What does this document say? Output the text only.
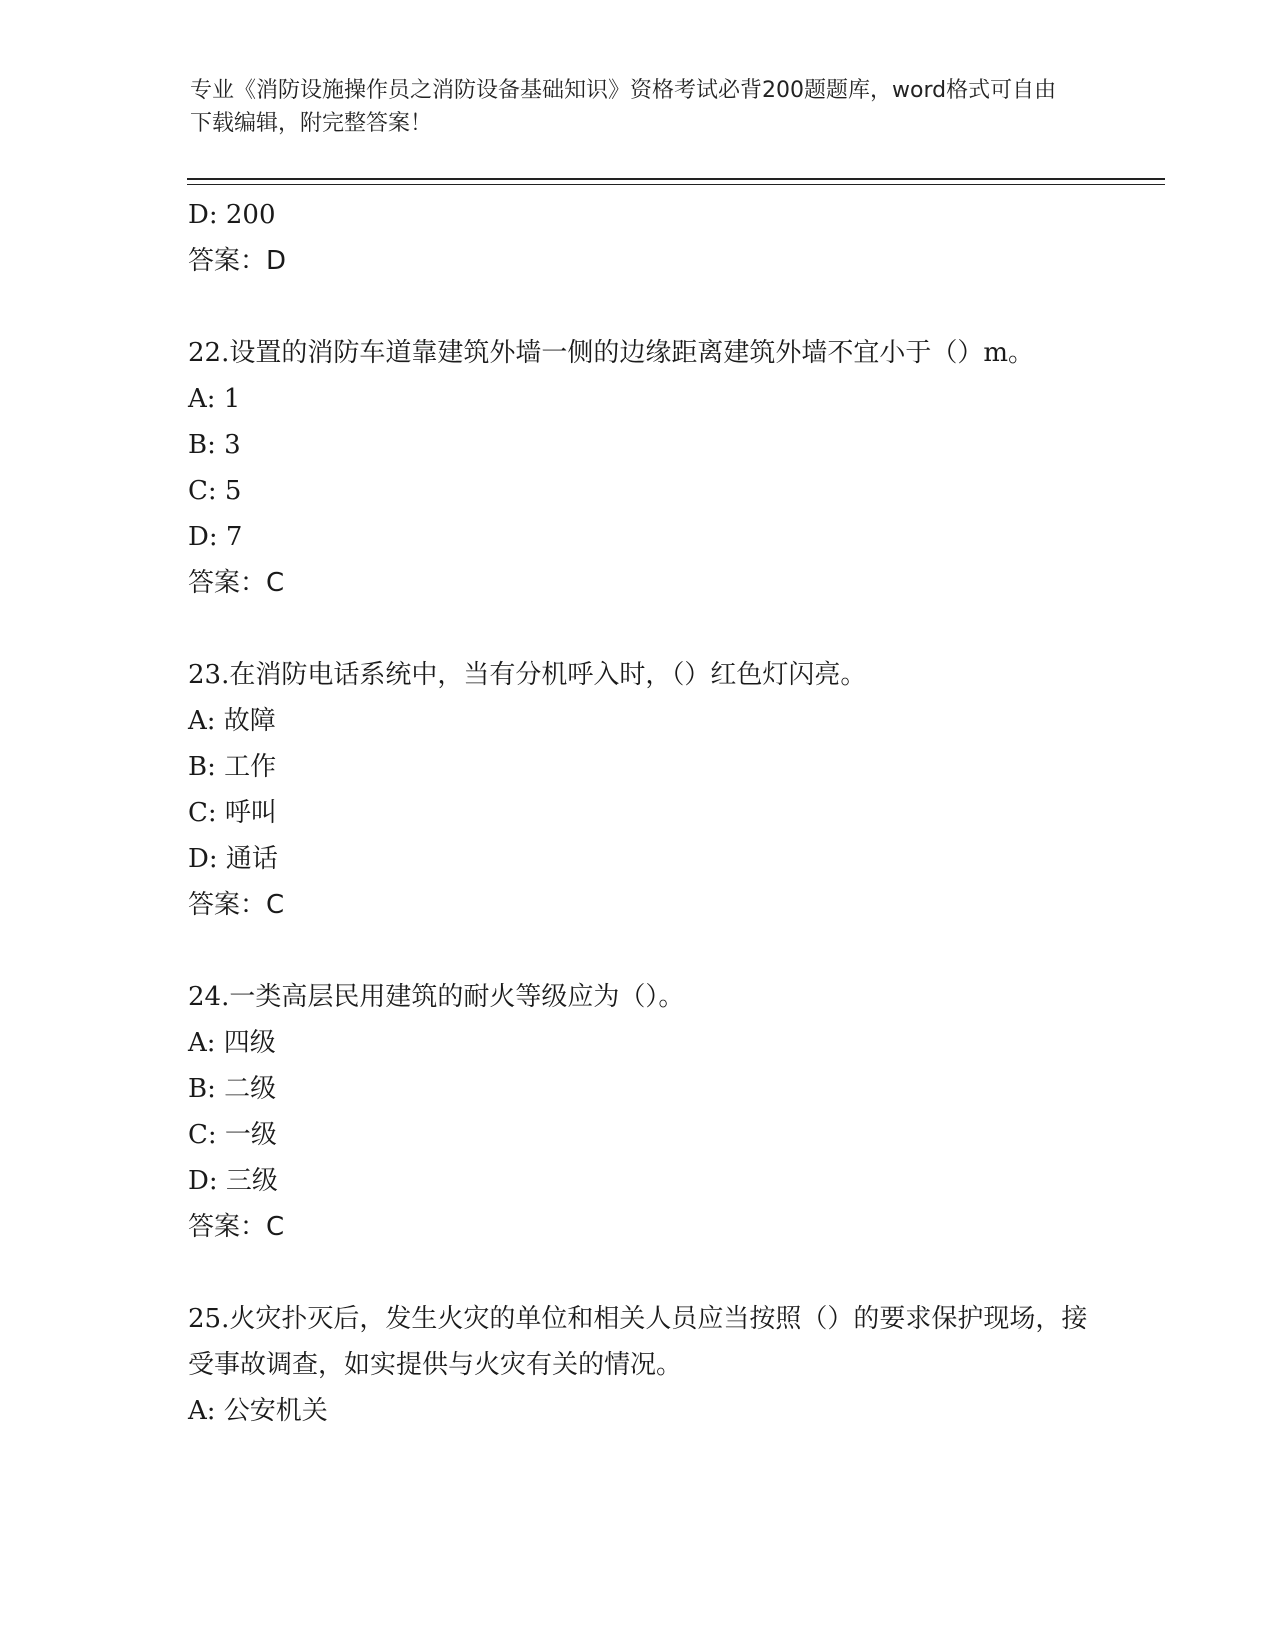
专业《消防设施操作员之消防设备基础知识》资格考试必背200题题库，word格式可自由下载编辑，附完整答案！
D: 200
答案：D
22.设置的消防车道靠建筑外墙一侧的边缘距离建筑外墙不宜小于（）m。
A: 1
B: 3
C: 5
D: 7
答案：C
23.在消防电话系统中，当有分机呼入时，（）红色灯闪亮。
A: 故障
B: 工作
C: 呼叫
D: 通话
答案：C
24.一类高层民用建筑的耐火等级应为（）。
A: 四级
B: 二级
C: 一级
D: 三级
答案：C
25.火灾扑灭后，发生火灾的单位和相关人员应当按照（）的要求保护现场，接受事故调查，如实提供与火灾有关的情况。
A: 公安机关
